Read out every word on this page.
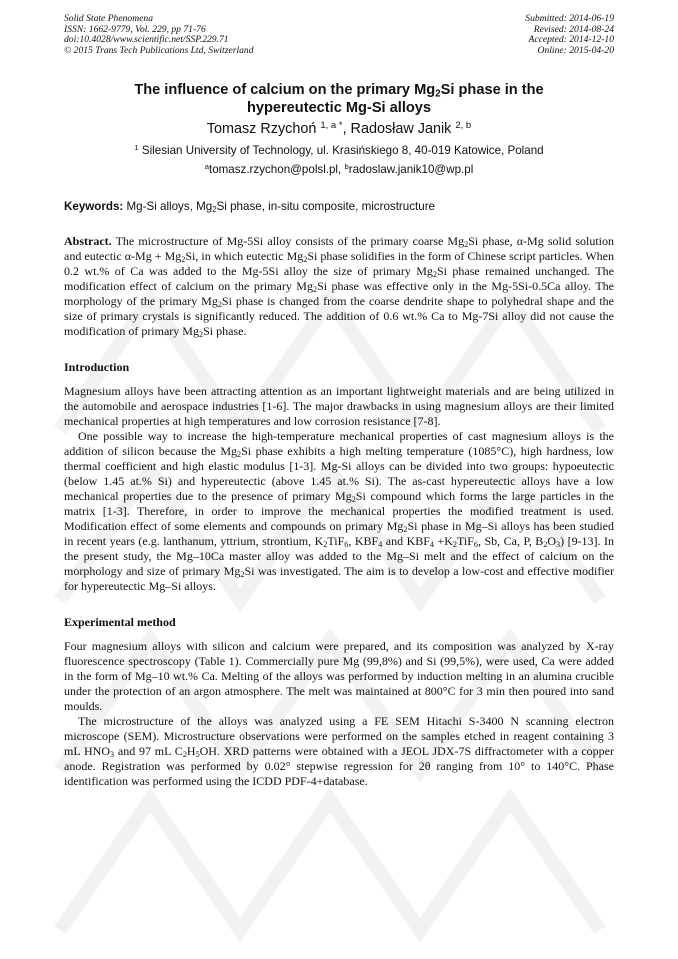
Solid State Phenomena
ISSN: 1662-9779, Vol. 229, pp 71-76
doi:10.4028/www.scientific.net/SSP.229.71
© 2015 Trans Tech Publications Ltd, Switzerland
Submitted: 2014-06-19
Revised: 2014-08-24
Accepted: 2014-12-10
Online: 2015-04-20
The influence of calcium on the primary $Mg_2Si$ phase in the
hypereutectic Mg-Si alloys
Tomasz Rzychoń $^{1, a *}$, Radosław Janik $^{2, b}$
$^1$ Silesian University of Technology, ul. Krasińskiego 8, 40-019 Katowice, Poland
$^a$tomasz.rzychon@polsl.pl, $^b$radoslaw.janik10@wp.pl
Keywords: Mg-Si alloys, $Mg_2Si$ phase, in-situ composite, microstructure

Abstract. The microstructure of Mg-5Si alloy consists of the primary coarse $Mg_2Si$ phase, α-Mg solid solution and eutectic $\alpha-Mg + Mg_2Si$, in which eutectic $Mg_2Si$ phase solidifies in the form of Chinese script particles. When 0.2 wt.% of Ca was added to the Mg-5Si alloy the size of primary $Mg_2Si$ phase remained unchanged. The modification effect of calcium on the primary $Mg_2Si$ phase was effective only in the Mg-5Si-0.5Ca alloy. The morphology of the primary $Mg_2Si$ phase is changed from the coarse dendrite shape to polyhedral shape and the size of primary crystals is significantly reduced. The addition of 0.6 wt.% Ca to Mg-7Si alloy did not cause the modification of primary $Mg_2Si$ phase.

Introduction

Magnesium alloys have been attracting attention as an important lightweight materials and are being utilized in the automobile and aerospace industries [1-6]. The major drawbacks in using magnesium alloys are their limited mechanical properties at high temperatures and low corrosion resistance [7-8].

One possible way to increase the high-temperature mechanical properties of cast magnesium alloys is the addition of silicon because the $Mg_2Si$ phase exhibits a high melting temperature (1085°C), high hardness, low thermal coefficient and high elastic modulus [1-3]. Mg-Si alloys can be divided into two groups: hypoeutectic (below 1.45 at.% Si) and hypereutectic (above 1.45 at.% Si). The as-cast hypereutectic alloys have a low mechanical properties due to the presence of primary $Mg_2Si$ compound which forms the large particles in the matrix [1-3]. Therefore, in order to improve the mechanical properties the modified treatment is used. Modification effect of some elements and compounds on primary $Mg_2Si$ phase in Mg–Si alloys has been studied in recent years (e.g. lanthanum, yttrium, strontium, $K_2TiF_6$, $KBF_4$ and $KBF_4 +K_2TiF_6$, Sb, Ca, P, $B_2O_3$) [9-13]. In the present study, the Mg–10Ca master alloy was added to the Mg–Si melt and the effect of calcium on the morphology and size of primary $Mg_2Si$ was investigated. The aim is to develop a low-cost and effective modifier for hypereutectic Mg–Si alloys.

Experimental method

Four magnesium alloys with silicon and calcium were prepared, and its composition was analyzed by X-ray fluorescence spectroscopy (Table 1). Commercially pure Mg (99,8%) and Si (99,5%), were used, Ca were added in the form of Mg–10 wt.% Ca. Melting of the alloys was performed by induction melting in an alumina crucible under the protection of an argon atmosphere. The melt was maintained at 800°C for 3 min then poured into sand moulds.

The microstructure of the alloys was analyzed using a FE SEM Hitachi S-3400 N scanning electron microscope (SEM). Microstructure observations were performed on the samples etched in reagent containing 3 mL $HNO_3$ and 97 mL $C_2H_5OH$. XRD patterns were obtained with a JEOL JDX-7S diffractometer with a copper anode. Registration was performed by 0.02° stepwise regression for 2θ ranging from 10° to 140°C. Phase identification was performed using the ICDD PDF-4+database.
